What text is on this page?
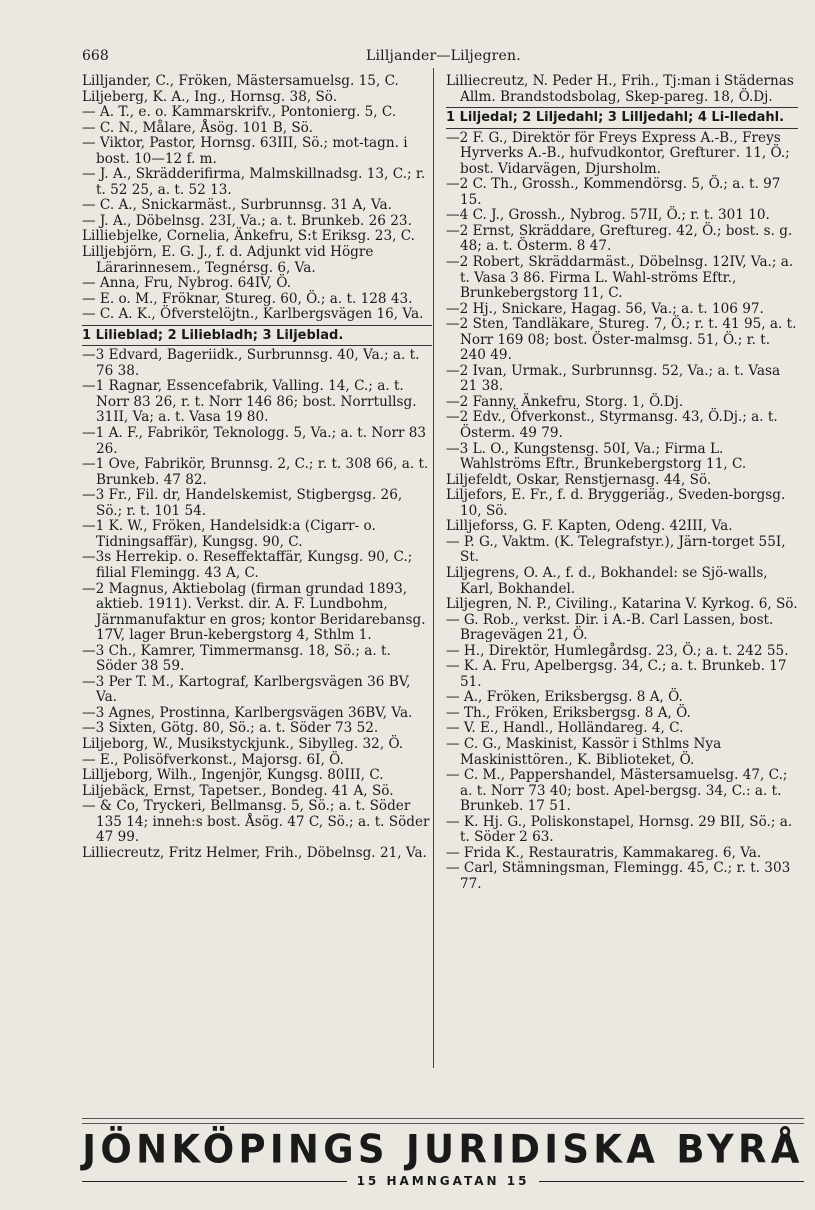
668	Lilljander—Liljegren.
Lilljander, C., Fröken, Mästersamuelsg. 15, C.
Liljeberg, K. A., Ing., Hornsg. 38, Sö.
— A. T., e. o. Kammarskrifv., Pontonierg. 5, C.
— C. N., Målare, Åsög. 101 B, Sö.
— Viktor, Pastor, Hornsg. 63III, Sö.; mot-tagn. i bost. 10—12 f. m.
— J. A., Skrädderifirma, Malmskillnadsg. 13, C.; r. t. 52 25, a. t. 52 13.
— C. A., Snickarmäst., Surbrunnsg. 31 A, Va.
— J. A., Döbelnsg. 23I, Va.; a. t. Brunkeb. 26 23.
Lilliebjelke, Cornelia, Änkefru, S:t Eriksg. 23, C.
Lilljebjörn, E. G. J., f. d. Adjunkt vid Högre Lärarinnesem., Tegnérsg. 6, Va.
— Anna, Fru, Nybrog. 64IV, Ö.
— E. o. M., Fröknar, Stureg. 60, Ö.; a. t. 128 43.
— C. A. K., Öfverstelöjtn., Karlbergsvägen 16, Va.
1 Lilieblad; 2 Liliebladh; 3 Liljeblad.
—3 Edvard, Bageriidk., Surbrunnsg. 40, Va.; a. t. 76 38.
—1 Ragnar, Essencefabrik, Valling. 14, C.; a. t. Norr 83 26, r. t. Norr 146 86; bost. Norrtullsg. 31II, Va; a. t. Vasa 19 80.
—1 A. F., Fabrikör, Teknologg. 5, Va.; a. t. Norr 83 26.
—1 Ove, Fabrikör, Brunnsg. 2, C.; r. t. 308 66, a. t. Brunkeb. 47 82.
—3 Fr., Fil. dr, Handelskemist, Stigbergsg. 26, Sö.; r. t. 101 54.
—1 K. W., Fröken, Handelsidk:a (Cigarr- o. Tidningsaffär), Kungsg. 90, C.
—3s Herrekip. o. Reseffektaffär, Kungsg. 90, C.; filial Flemingg. 43 A, C.
—2 Magnus, Aktiebolag (firman grundad 1893, aktieb. 1911). Verkst. dir. A. F. Lundbohm, Järnmanufaktur en gros; kontor Beridarebansg. 17V, lager Brun-kebergstorg 4, Sthlm 1.
—3 Ch., Kamrer, Timmermansg. 18, Sö.; a. t. Söder 38 59.
—3 Per T. M., Kartograf, Karlbergsvägen 36 BV, Va.
—3 Agnes, Prostinna, Karlbergsvägen 36BV, Va.
—3 Sixten, Götg. 80, Sö.; a. t. Söder 73 52.
Liljeborg, W., Musikstyckjunk., Sibylleg. 32, Ö.
— E., Polisöfverkonst., Majorsg. 6I, Ö.
Lilljeborg, Wilh., Ingenjör, Kungsg. 80III, C.
Liljebäck, Ernst, Tapetser., Bondeg. 41 A, Sö.
— & Co, Tryckeri, Bellmansg. 5, Sö.; a. t. Söder 135 14; inneh:s bost. Åsög. 47 C, Sö.; a. t. Söder 47 99.
Lilliecreutz, Fritz Helmer, Frih., Döbelnsg. 21, Va.
Lilliecreutz, N. Peder H., Frih., Tj:man i Städernas Allm. Brandstodsbolag, Skep-pareg. 18, Ö.Dj.
1 Liljedal; 2 Liljedahl; 3 Lilljedahl; 4 Li-lledahl.
—2 F. G., Direktör för Freys Express A.-B., Freys Hyrverks A.-B., hufvudkontor, Grefturег. 11, Ö.; bost. Vidarvägen, Djursholm.
—2 C. Th., Grossh., Kommendörsg. 5, Ö.; a. t. 97 15.
—4 C. J., Grossh., Nybrog. 57II, Ö.; r. t. 301 10.
—2 Ernst, Skräddare, Greftureg. 42, Ö.; bost. s. g. 48; a. t. Österm. 8 47.
—2 Robert, Skräddarmäst., Döbelnsg. 12IV, Va.; a. t. Vasa 3 86. Firma L. Wahl-ströms Eftr., Brunkebergstorg 11, C.
—2 Hj., Snickare, Hagag. 56, Va.; a. t. 106 97.
—2 Sten, Tandläkare, Stureg. 7, Ö.; r. t. 41 95, a. t. Norr 169 08; bost. Öster-malmsg. 51, Ö.; r. t. 240 49.
—2 Ivan, Urmak., Surbrunnsg. 52, Va.; a. t. Vasa 21 38.
—2 Fanny, Änkefru, Storg. 1, Ö.Dj.
—2 Edv., Öfverkonst., Styrmansg. 43, Ö.Dj.; a. t. Österm. 49 79.
—3 L. O., Kungstensg. 50I, Va.; Firma L. Wahlströms Eftr., Brunkebergstorg 11, C.
Liljefeldt, Oskar, Renstjernasg. 44, Sö.
Liljefors, E. Fr., f. d. Bryggeriäg., Sveden-borgsg. 10, Sö.
Lilljeforss, G. F. Kapten, Odeng. 42III, Va.
— P. G., Vaktm. (K. Telegrafstyr.), Järn-torget 55I, St.
Liljegrens, O. A., f. d., Bokhandel: se Sjö-walls, Karl, Bokhandel.
Liljegren, N. P., Civiling., Katarina V. Kyrkog. 6, Sö.
— G. Rob., verkst. Dir. i A.-B. Carl Lassen, bost. Bragevägen 21, Ö.
— H., Direktör, Humlegårdsg. 23, Ö.; a. t. 242 55.
— K. A. Fru, Apelbergsg. 34, C.; a. t. Brunkeb. 17 51.
— A., Fröken, Eriksbergsg. 8 A, Ö.
— Th., Fröken, Eriksbergsg. 8 A, Ö.
— V. E., Handl., Holländareg. 4, C.
— C. G., Maskinist, Kassör i Sthlms Nya Maskinisttören., K. Biblioteket, Ö.
— C. M., Pappershandel, Mästersamuelsg. 47, C.; a. t. Norr 73 40; bost. Apel-bergsg. 34, C.: a. t. Brunkeb. 17 51.
— K. Hj. G., Poliskonstapel, Hornsg. 29 BII, Sö.; a. t. Söder 2 63.
— Frida K., Restauratris, Kammakareg. 6, Va.
— Carl, Stämningsman, Flemingg. 45, C.; r. t. 303 77.
JÖNKÖPINGS JURIDISKA BYRÅ
15 HAMNGATAN 15
